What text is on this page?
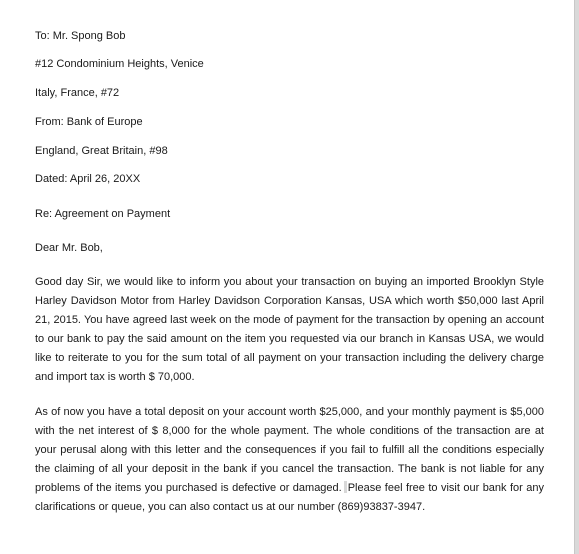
To: Mr. Spong Bob
#12 Condominium Heights, Venice
Italy, France, #72
From: Bank of Europe
England, Great Britain, #98
Dated: April 26, 20XX
Re: Agreement on Payment
Dear Mr. Bob,
Good day Sir, we would like to inform you about your transaction on buying an imported Brooklyn Style Harley Davidson Motor from Harley Davidson Corporation Kansas, USA which worth $50,000 last April 21, 2015. You have agreed last week on the mode of payment for the transaction by opening an account to our bank to pay the said amount on the item you requested via our branch in Kansas USA, we would like to reiterate to you for the sum total of all payment on your transaction including the delivery charge and import tax is worth $ 70,000.
As of now you have a total deposit on your account worth $25,000, and your monthly payment is $5,000 with the net interest of $ 8,000 for the whole payment. The whole conditions of the transaction are at your perusal along with this letter and the consequences if you fail to fulfill all the conditions especially the claiming of all your deposit in the bank if you cancel the transaction. The bank is not liable for any problems of the items you purchased is defective or damaged. Please feel free to visit our bank for any clarifications or queue, you can also contact us at our number (869)93837-3947.
